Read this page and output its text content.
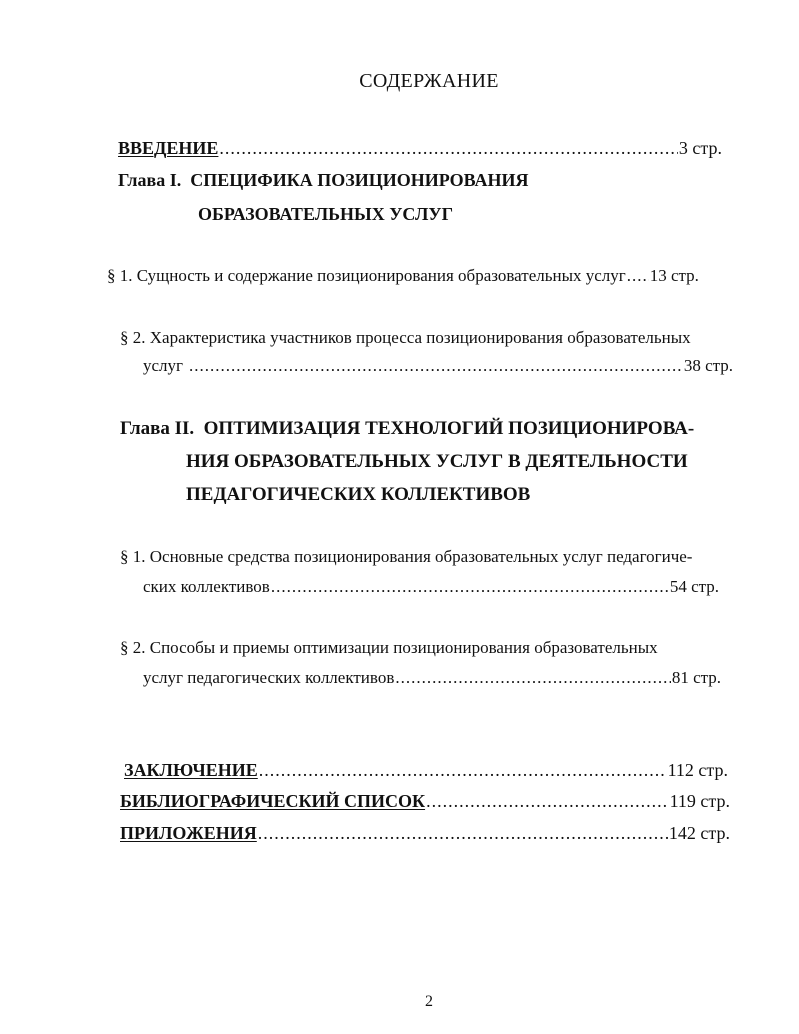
СОДЕРЖАНИЕ
ВВЕДЕНИЕ .....	3 стр.
Глава I. СПЕЦИФИКА ПОЗИЦИОНИРОВАНИЯ
ОБРАЗОВАТЕЛЬНЫХ УСЛУГ
§ 1. Сущность и содержание позиционирования образовательных услуг ..... 13 стр.
§ 2. Характеристика участников процесса позиционирования образовательных
услуг .....	38 стр.
Глава II. ОПТИМИЗАЦИЯ ТЕХНОЛОГИЙ ПОЗИЦИОНИРОВА-
НИЯ ОБРАЗОВАТЕЛЬНЫХ УСЛУГ В ДЕЯТЕЛЬНОСТИ
ПЕДАГОГИЧЕСКИХ КОЛЛЕКТИВОВ
§ 1. Основные средства позиционирования образовательных услуг педагогиче-
ских коллективов .....	54 стр.
§ 2. Способы и приемы оптимизации позиционирования образовательных
услуг педагогических коллективов .....	81 стр.
ЗАКЛЮЧЕНИЕ .....	112 стр.
БИБЛИОГРАФИЧЕСКИЙ СПИСОК .....	119 стр.
ПРИЛОЖЕНИЯ .....	142 стр.
2
